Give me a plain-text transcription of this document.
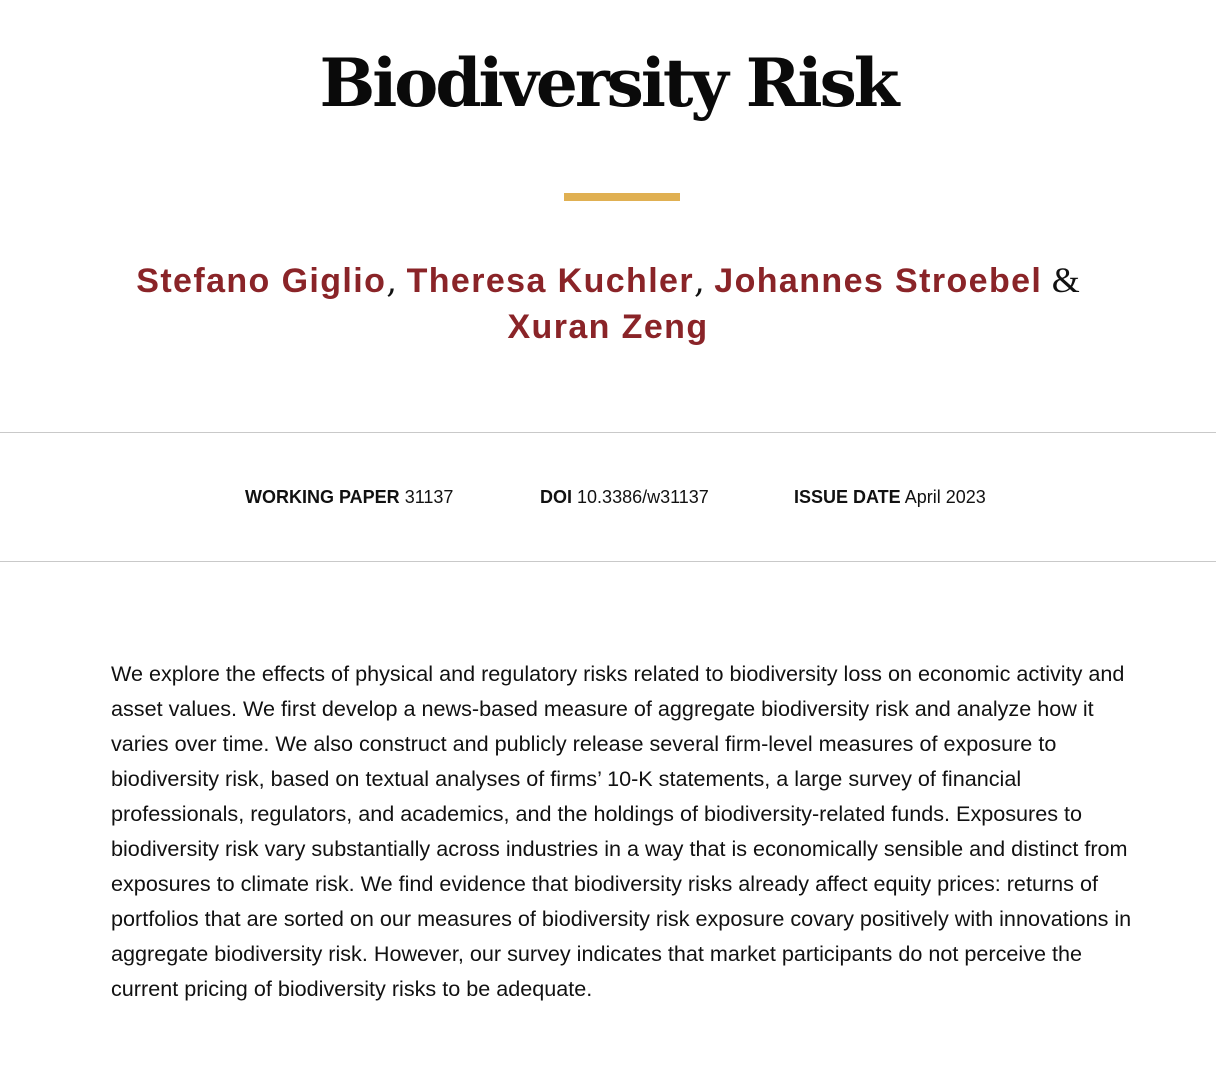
Biodiversity Risk
Stefano Giglio, Theresa Kuchler, Johannes Stroebel &
Xuran Zeng
WORKING PAPER 31137	DOI 10.3386/w31137	ISSUE DATE April 2023

We explore the effects of physical and regulatory risks related to biodiversity loss on economic activity and asset values. We first develop a news-based measure of aggregate biodiversity risk and analyze how it varies over time. We also construct and publicly release several firm-level measures of exposure to biodiversity risk, based on textual analyses of firms’ 10-K statements, a large survey of financial professionals, regulators, and academics, and the holdings of biodiversity-related funds. Exposures to biodiversity risk vary substantially across industries in a way that is economically sensible and distinct from exposures to climate risk. We find evidence that biodiversity risks already affect equity prices: returns of portfolios that are sorted on our measures of biodiversity risk exposure covary positively with innovations in aggregate biodiversity risk. However, our survey indicates that market participants do not perceive the current pricing of biodiversity risks to be adequate.
